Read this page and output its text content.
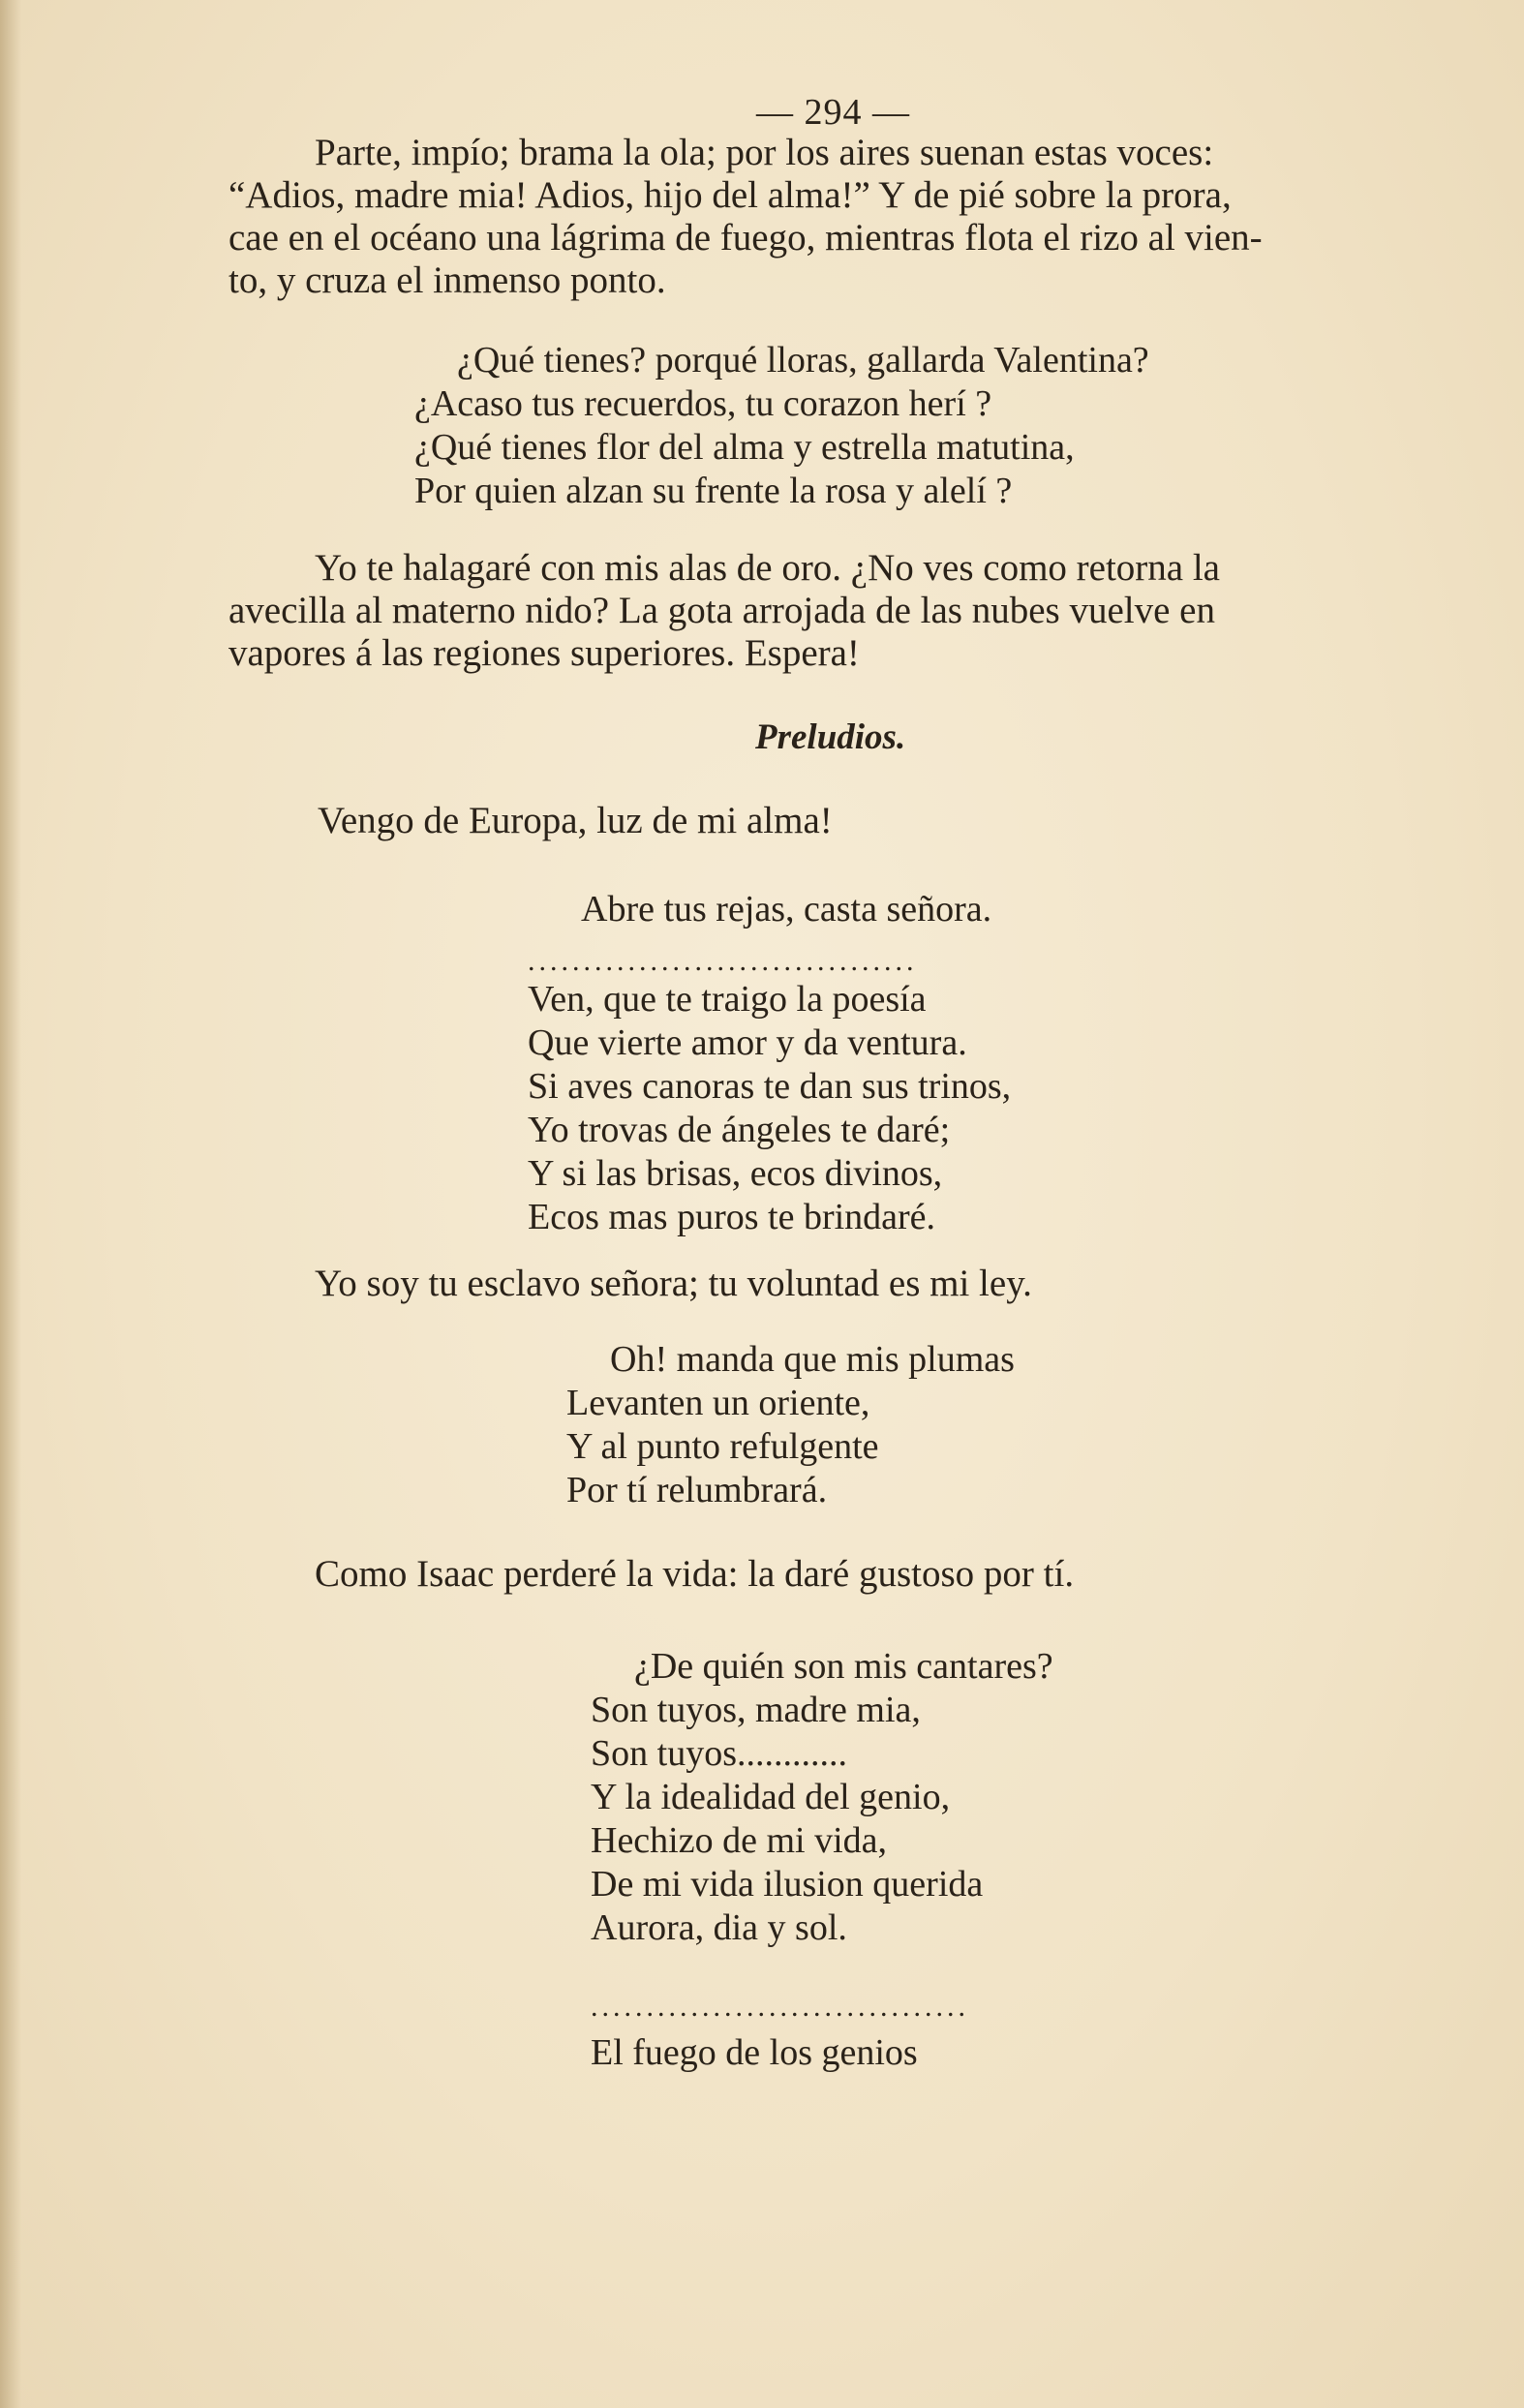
— 294 —
Parte, impío; brama la ola; por los aires suenan estas voces:
“Adios, madre mia! Adios, hijo del alma!” Y de pié sobre la prora,
cae en el océano una lágrima de fuego, mientras flota el rizo al vien-
to, y cruza el inmenso ponto.
¿Qué tienes? porqué lloras, gallarda Valentina?
¿Acaso tus recuerdos, tu corazon herí ?
¿Qué tienes flor del alma y estrella matutina,
Por quien alzan su frente la rosa y alelí ?
Yo te halagaré con mis alas de oro. ¿No ves como retorna la
avecilla al materno nido? La gota arrojada de las nubes vuelve en
vapores á las regiones superiores. Espera!
Preludios.
Vengo de Europa, luz de mi alma!
Abre tus rejas, casta señora.
...................................
Ven, que te traigo la poesía
Que vierte amor y da ventura.
Si aves canoras te dan sus trinos,
Yo trovas de ángeles te daré;
Y si las brisas, ecos divinos,
Ecos mas puros te brindaré.
Yo soy tu esclavo señora; tu voluntad es mi ley.
Oh! manda que mis plumas
Levanten un oriente,
Y al punto refulgente
Por tí relumbrará.
Como Isaac perderé la vida: la daré gustoso por tí.
¿De quién son mis cantares?
Son tuyos, madre mia,
Son tuyos............
Y la idealidad del genio,
Hechizo de mi vida,
De mi vida ilusion querida
Aurora, dia y sol.
..................................
El fuego de los genios
